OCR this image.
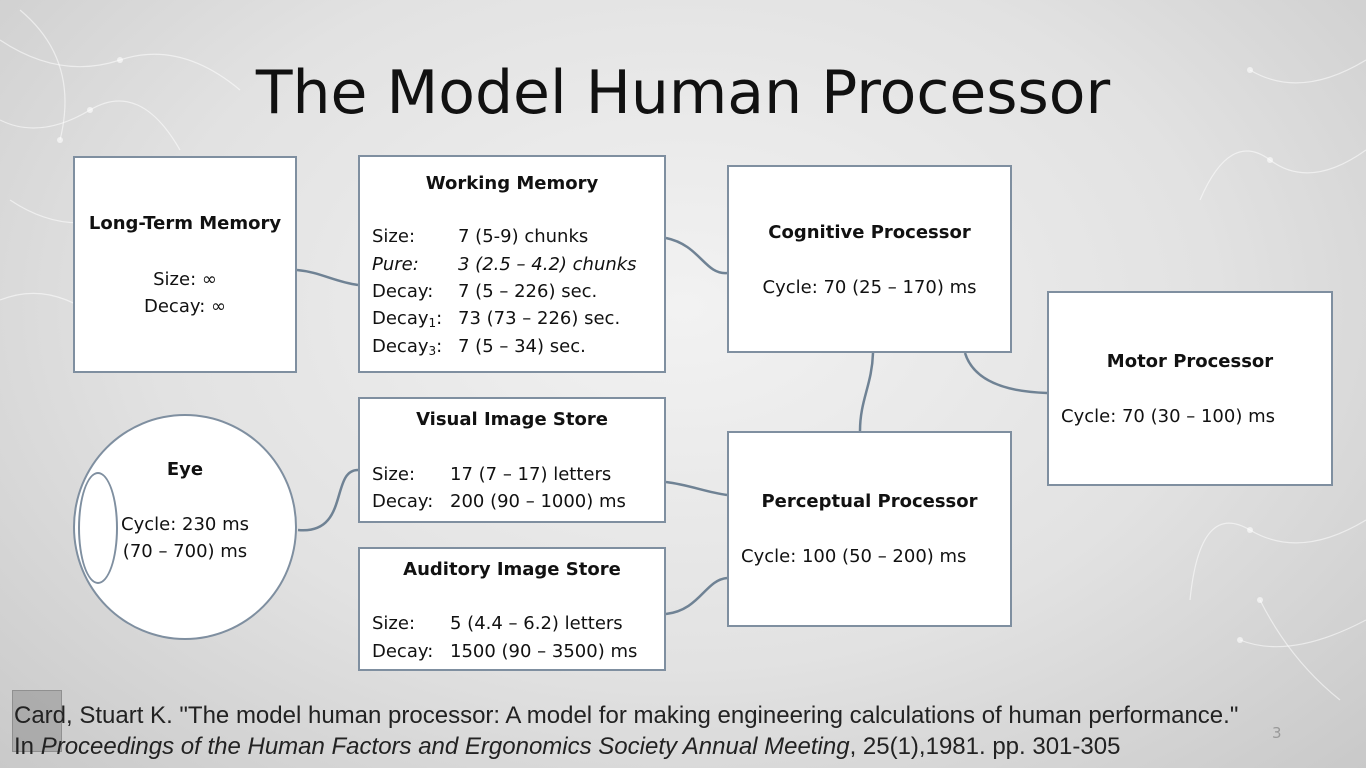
The Model Human Processor
Long-Term Memory
Size: ∞
Decay: ∞
Working Memory
Size: 7 (5-9) chunks
Pure: 3 (2.5 – 4.2) chunks
Decay: 7 (5 – 226) sec.
Decay$_1$: 73 (73 – 226) sec.
Decay$_3$: 7 (5 – 34) sec.
Cognitive Processor
Cycle: 70 (25 – 170) ms
Motor Processor
Cycle: 70 (30 – 100) ms
Visual Image Store
Size: 17 (7 – 17) letters
Decay: 200 (90 – 1000) ms
Auditory Image Store
Size: 5 (4.4 – 6.2) letters
Decay: 1500 (90 – 3500) ms
Perceptual Processor
Cycle: 100 (50 – 200) ms
Eye
Cycle: 230 ms
(70 – 700) ms
Card, Stuart K. "The model human processor: A model for making engineering calculations of human performance."
In Proceedings of the Human Factors and Ergonomics Society Annual Meeting, 25(1),1981. pp. 301-305	3
